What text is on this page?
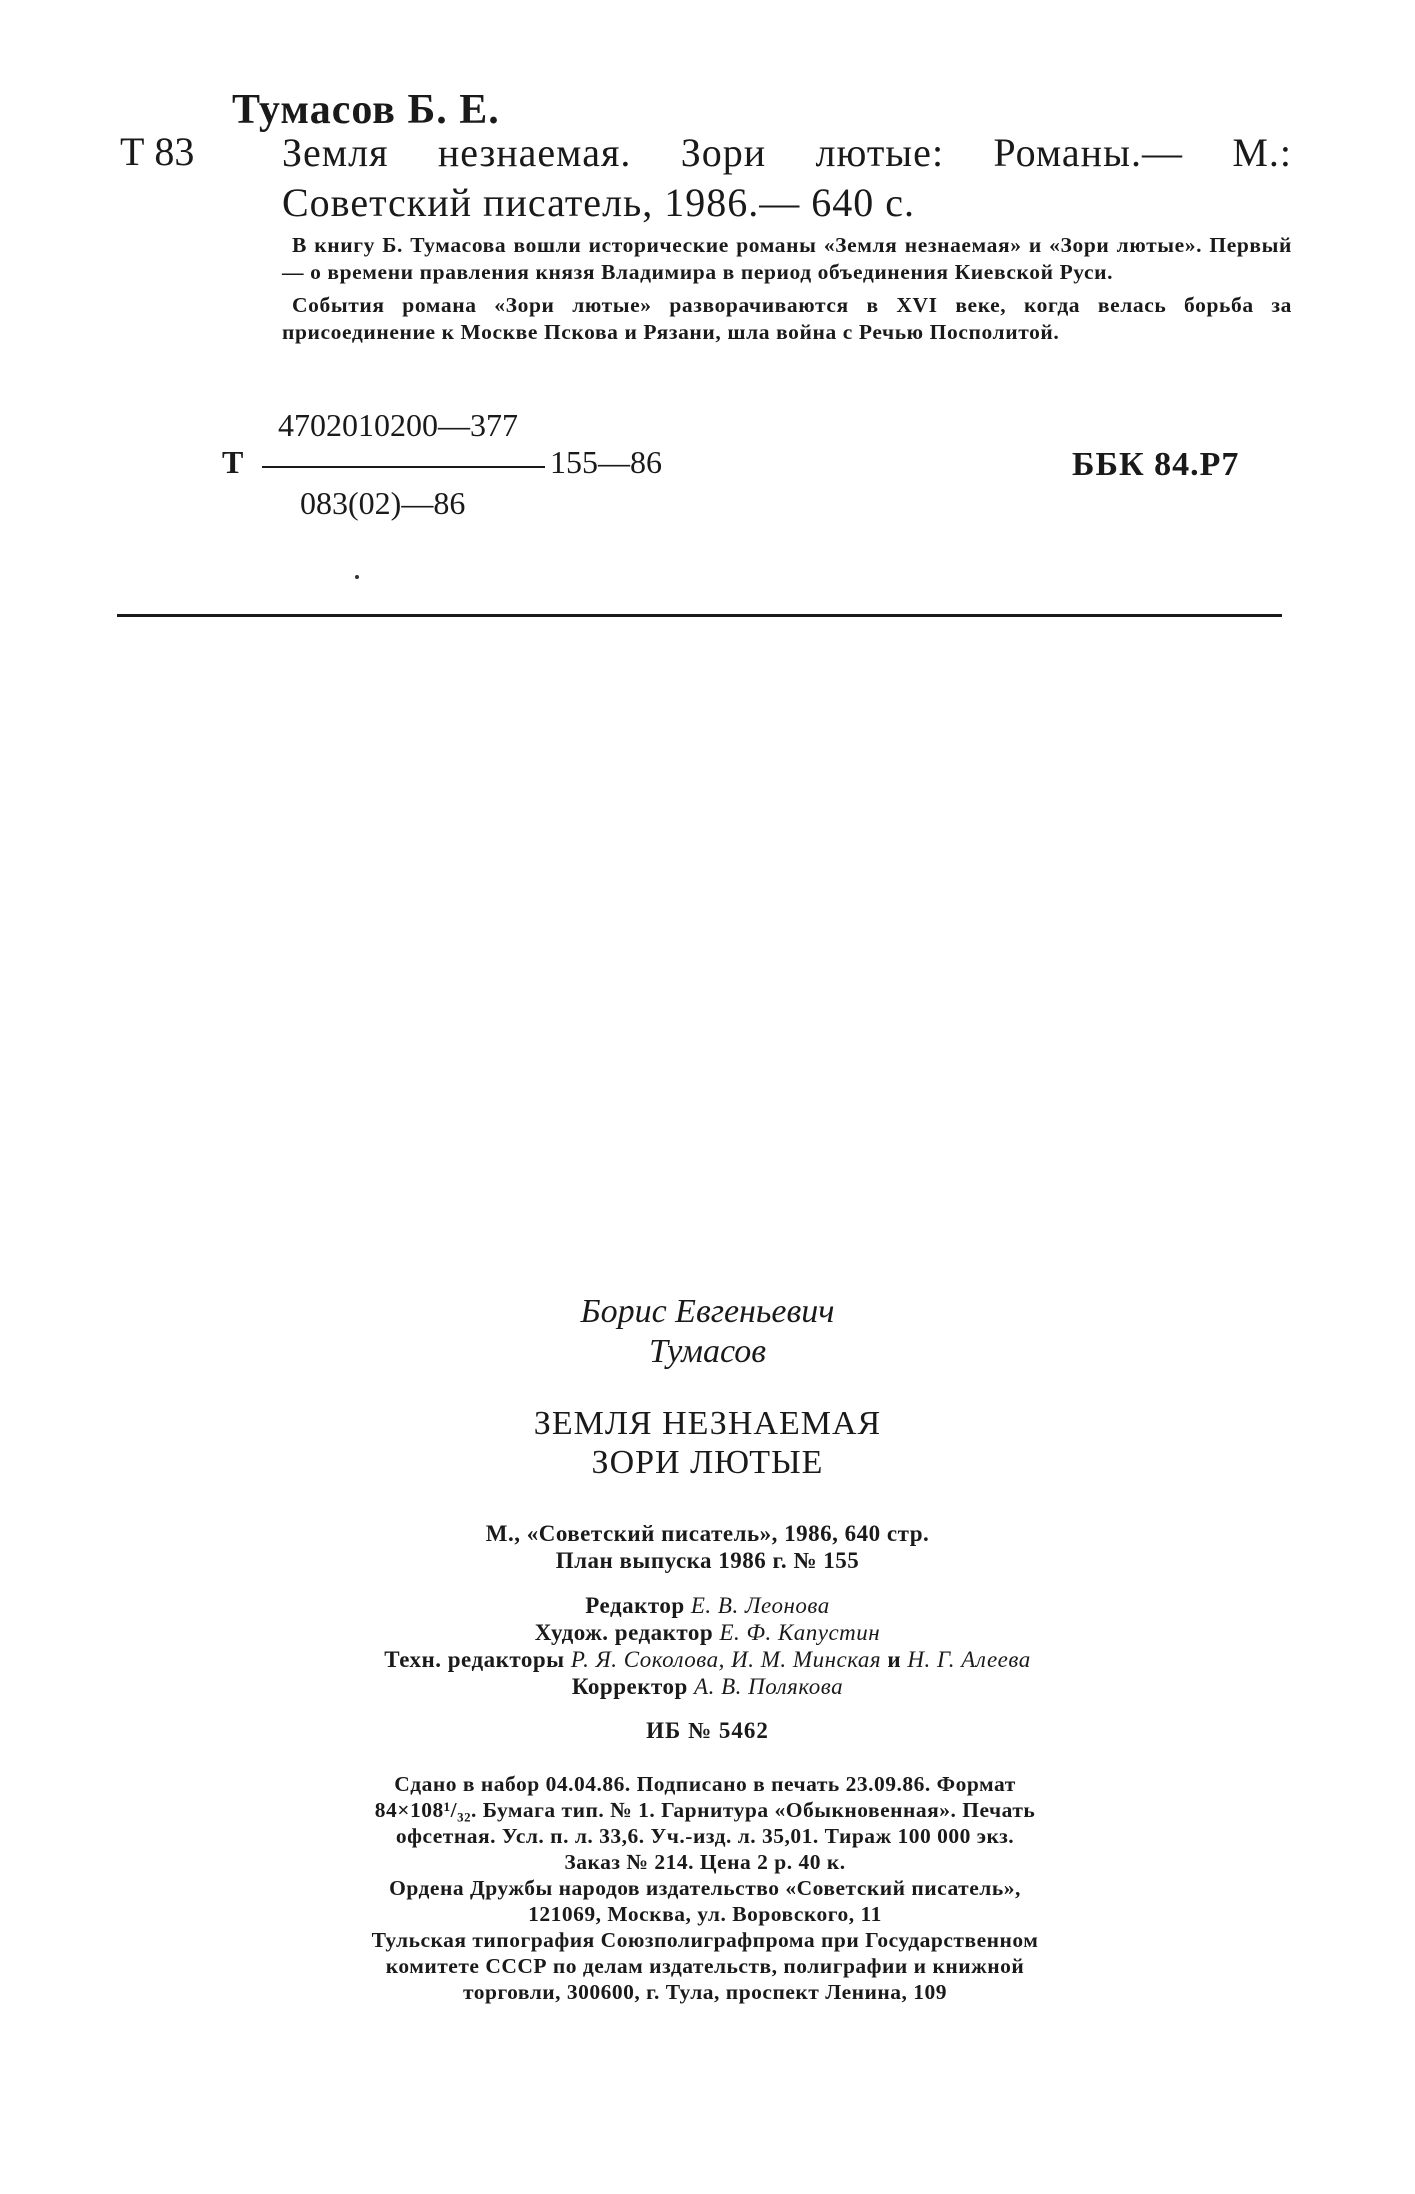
Тумасов Б. Е.
Т 83 Земля незнаемая. Зори лютые: Романы.— М.: Советский писатель, 1986.— 640 с.

В книгу Б. Тумасова вошли исторические романы «Земля незнаемая» и «Зори лютые». Первый — о времени правления князя Владимира в период объединения Киевской Руси.

События романа «Зори лютые» разворачиваются в XVI веке, когда велась борьба за присоединение к Москве Пскова и Рязани, шла война с Речью Посполитой.

4702010200—377
Т	155—86
083(02)—86
ББК 84.Р7
Борис Евгеньевич
Тумасов
ЗЕМЛЯ НЕЗНАЕМАЯ
ЗОРИ ЛЮТЫЕ
М., «Советский писатель», 1986, 640 стр.
План выпуска 1986 г. № 155
Редактор Е. В. Леонова
Худож. редактор Е. Ф. Капустин
Техн. редакторы Р. Я. Соколова, И. М. Минская и Н. Г. Алеева
Корректор А. В. Полякова
ИБ № 5462
Сдано в набор 04.04.86. Подписано в печать 23.09.86. Формат
84×108¹/₃₂. Бумага тип. № 1. Гарнитура «Обыкновенная». Печать
офсетная. Усл. п. л. 33,6. Уч.-изд. л. 35,01. Тираж 100 000 экз.
Заказ № 214. Цена 2 р. 40 к.
Ордена Дружбы народов издательство «Советский писатель»,
121069, Москва, ул. Воровского, 11
Тульская типография Союзполиграфпрома при Государственном
комитете СССР по делам издательств, полиграфии и книжной
торговли, 300600, г. Тула, проспект Ленина, 109
